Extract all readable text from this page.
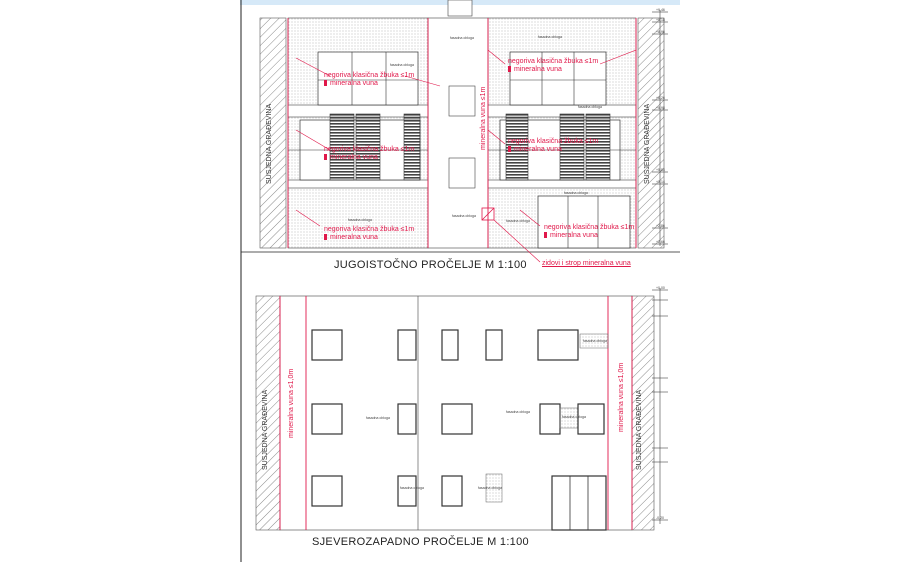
SUSJEDNA GRAĐEVINA	SUSJEDNA GRAĐEVINA
negoriva klasična žbuka ≤1m
mineralna vuna
negoriva klasična žbuka ≤1m
mineralna vuna
negoriva klasična žbuka ≤1m
mineralna vuna
negoriva klasična žbuka ≤1m
mineralna vuna
negoriva klasična žbuka ≤1m
mineralna vuna
negoriva klasična žbuka ≤1m
mineralna vuna
mineralna vuna ≤1m
zidovi i strop mineralna vuna
fasadna obloga
fasadna obloga
fasadna obloga
fasadna obloga
fasadna obloga
fasadna obloga
fasadna obloga
fasadna obloga
JUGOISTOČNO PROČELJE M 1:100
SUSJEDNA GRAĐEVINA	SUSJEDNA GRAĐEVINA
mineralna vuna ≤1,0m	mineralna vuna ≤1,0m
fasadna obloga
fasadna obloga
fasadna obloga
fasadna obloga
fasadna obloga
fasadna obloga
SJEVEROZAPADNO PROČELJE M 1:100
+9,46
+9,18
+8,96
+6,26
+5,98
+5,84
+3,14
+2,86
+2,66
+0,00
-0,20
